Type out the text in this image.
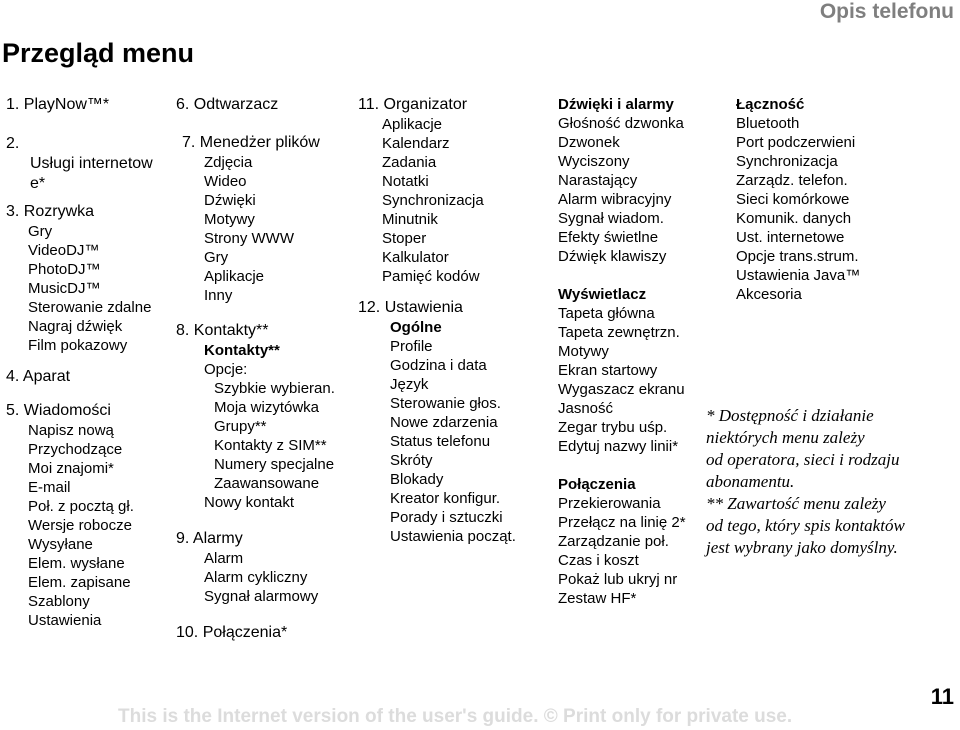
Opis telefonu
Przegląd menu
1. PlayNow™*
2.
Usługi internetow
e*
3. Rozrywka
Gry
VideoDJ™
PhotoDJ™
MusicDJ™
Sterowanie zdalne
Nagraj dźwięk
Film pokazowy
4. Aparat
5. Wiadomości
Napisz nową
Przychodzące
Moi znajomi*
E-mail
Poł. z pocztą gł.
Wersje robocze
Wysyłane
Elem. wysłane
Elem. zapisane
Szablony
Ustawienia
6. Odtwarzacz
7. Menedżer plików
Zdjęcia
Wideo
Dźwięki
Motywy
Strony WWW
Gry
Aplikacje
Inny
8. Kontakty**
Kontakty**
Opcje:
Szybkie wybieran.
Moja wizytówka
Grupy**
Kontakty z SIM**
Numery specjalne
Zaawansowane
Nowy kontakt
9. Alarmy
Alarm
Alarm cykliczny
Sygnał alarmowy
10. Połączenia*
11. Organizator
Aplikacje
Kalendarz
Zadania
Notatki
Synchronizacja
Minutnik
Stoper
Kalkulator
Pamięć kodów
12. Ustawienia
Ogólne
Profile
Godzina i data
Język
Sterowanie głos.
Nowe zdarzenia
Status telefonu
Skróty
Blokady
Kreator konfigur.
Porady i sztuczki
Ustawienia począt.
Dźwięki i alarmy
Głośność dzwonka
Dzwonek
Wyciszony
Narastający
Alarm wibracyjny
Sygnał wiadom.
Efekty świetlne
Dźwięk klawiszy
Wyświetlacz
Tapeta główna
Tapeta zewnętrzn.
Motywy
Ekran startowy
Wygaszacz ekranu
Jasność
Zegar trybu uśp.
Edytuj nazwy linii*
Połączenia
Przekierowania
Przełącz na linię 2*
Zarządzanie poł.
Czas i koszt
Pokaż lub ukryj nr
Zestaw HF*
Łączność
Bluetooth
Port podczerwieni
Synchronizacja
Zarządz. telefon.
Sieci komórkowe
Komunik. danych
Ust. internetowe
Opcje trans.strum.
Ustawienia Java™
Akcesoria
* Dostępność i działanie
niektórych menu zależy
od operatora, sieci i rodzaju
abonamentu.
** Zawartość menu zależy
od tego, który spis kontaktów
jest wybrany jako domyślny.
This is the Internet version of the user's guide. © Print only for private use.
11
